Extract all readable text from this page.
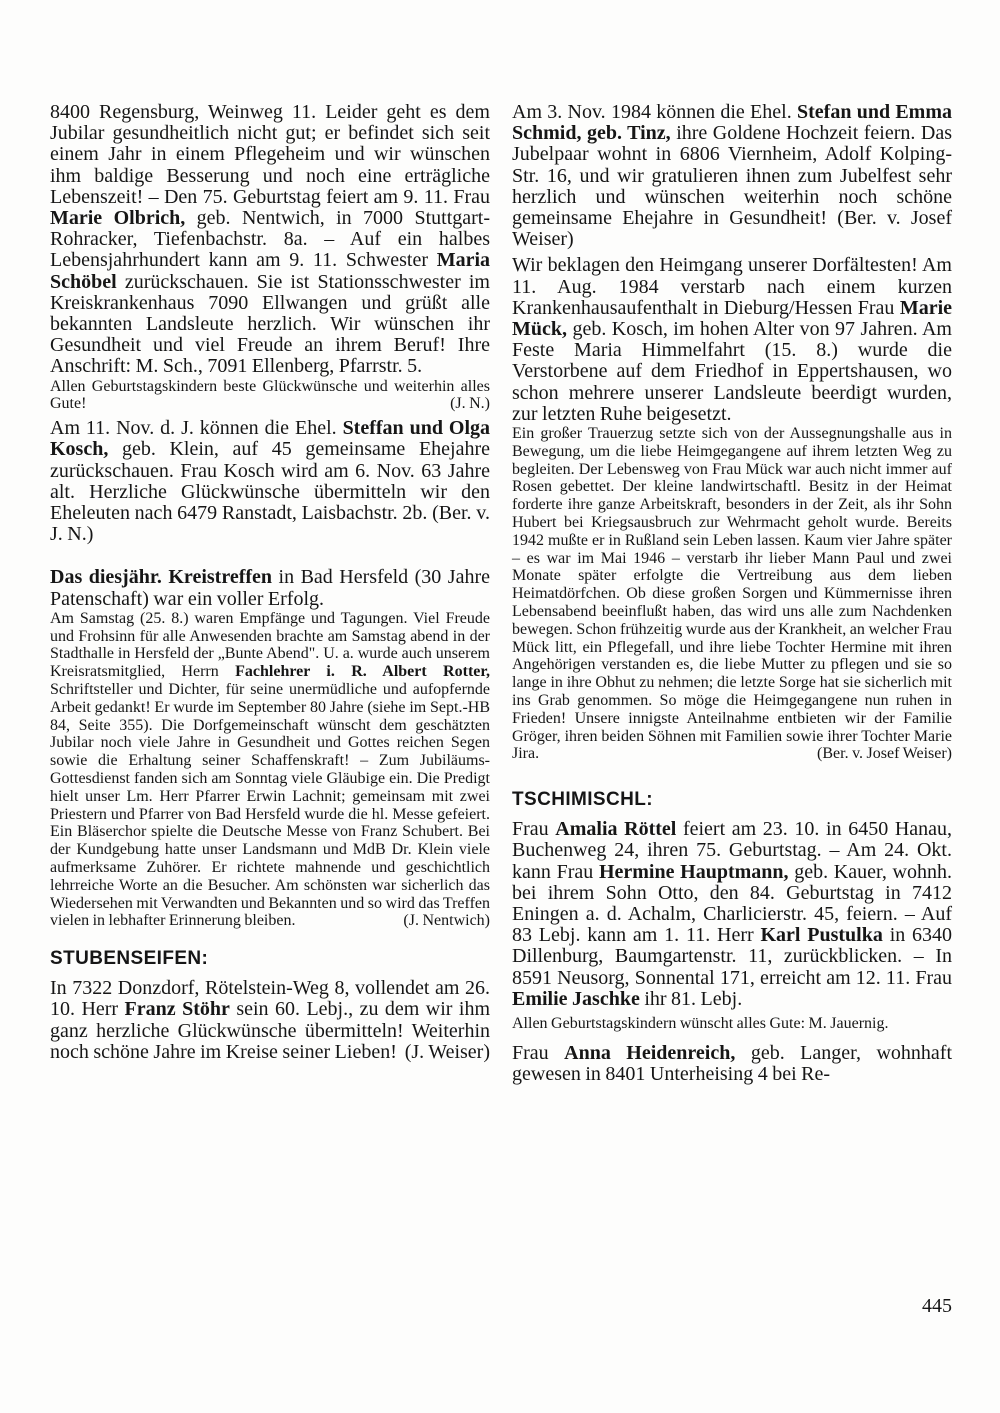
8400 Regensburg, Weinweg 11. Leider geht es dem Jubilar gesundheitlich nicht gut; er befindet sich seit einem Jahr in einem Pflegeheim und wir wünschen ihm baldige Besserung und noch eine erträgliche Lebenszeit! – Den 75. Geburtstag feiert am 9. 11. Frau Marie Olbrich, geb. Nentwich, in 7000 Stuttgart-Rohracker, Tiefenbachstr. 8a. – Auf ein halbes Lebensjahrhundert kann am 9. 11. Schwester Maria Schöbel zurückschauen. Sie ist Stationsschwester im Kreiskrankenhaus 7090 Ellwangen und grüßt alle bekannten Landsleute herzlich. Wir wünschen ihr Gesundheit und viel Freude an ihrem Beruf! Ihre Anschrift: M. Sch., 7091 Ellenberg, Pfarrstr. 5.

Allen Geburtstagskindern beste Glückwünsche und weiterhin alles Gute!	(J. N.)

Am 11. Nov. d. J. können die Ehel. Steffan und Olga Kosch, geb. Klein, auf 45 gemeinsame Ehejahre zurückschauen. Frau Kosch wird am 6. Nov. 63 Jahre alt. Herzliche Glückwünsche übermitteln wir den Eheleuten nach 6479 Ranstadt, Laisbachstr. 2b. (Ber. v. J. N.)

Das diesjähr. Kreistreffen in Bad Hersfeld (30 Jahre Patenschaft) war ein voller Erfolg.

Am Samstag (25. 8.) waren Empfänge und Tagungen. Viel Freude und Frohsinn für alle Anwesenden brachte am Samstag abend in der Stadthalle in Hersfeld der „Bunte Abend". U. a. wurde auch unserem Kreisratsmitglied, Herrn Fachlehrer i. R. Albert Rotter, Schriftsteller und Dichter, für seine unermüdliche und aufopfernde Arbeit gedankt! Er wurde im September 80 Jahre (siehe im Sept.-HB 84, Seite 355). Die Dorfgemeinschaft wünscht dem geschätzten Jubilar noch viele Jahre in Gesundheit und Gottes reichen Segen sowie die Erhaltung seiner Schaffenskraft! – Zum Jubiläums-Gottesdienst fanden sich am Sonntag viele Gläubige ein. Die Predigt hielt unser Lm. Herr Pfarrer Erwin Lachnit; gemeinsam mit zwei Priestern und Pfarrer von Bad Hersfeld wurde die hl. Messe gefeiert. Ein Bläserchor spielte die Deutsche Messe von Franz Schubert. Bei der Kundgebung hatte unser Landsmann und MdB Dr. Klein viele aufmerksame Zuhörer. Er richtete mahnende und geschichtlich lehrreiche Worte an die Besucher. Am schönsten war sicherlich das Wiedersehen mit Verwandten und Bekannten und so wird das Treffen vielen in lebhafter Erinnerung bleiben.	(J. Nentwich)

STUBENSEIFEN:

In 7322 Donzdorf, Rötelstein-Weg 8, vollendet am 26. 10. Herr Franz Stöhr sein 60. Lebj., zu dem wir ihm ganz herzliche Glückwünsche übermitteln! Weiterhin noch schöne Jahre im Kreise seiner Lieben! (J. Weiser)

Am 3. Nov. 1984 können die Ehel. Stefan und Emma Schmid, geb. Tinz, ihre Goldene Hochzeit feiern. Das Jubelpaar wohnt in 6806 Viernheim, Adolf Kolping-Str. 16, und wir gratulieren ihnen zum Jubelfest sehr herzlich und wünschen weiterhin noch schöne gemeinsame Ehejahre in Gesundheit! (Ber. v. Josef Weiser)

Wir beklagen den Heimgang unserer Dorfältesten! Am 11. Aug. 1984 verstarb nach einem kurzen Krankenhausaufenthalt in Dieburg/Hessen Frau Marie Mück, geb. Kosch, im hohen Alter von 97 Jahren. Am Feste Maria Himmelfahrt (15. 8.) wurde die Verstorbene auf dem Friedhof in Eppertshausen, wo schon mehrere unserer Landsleute beerdigt wurden, zur letzten Ruhe beigesetzt.

Ein großer Trauerzug setzte sich von der Aussegnungshalle aus in Bewegung, um die liebe Heimgegangene auf ihrem letzten Weg zu begleiten. Der Lebensweg von Frau Mück war auch nicht immer auf Rosen gebettet. Der kleine landwirtschaftl. Besitz in der Heimat forderte ihre ganze Arbeitskraft, besonders in der Zeit, als ihr Sohn Hubert bei Kriegsausbruch zur Wehrmacht geholt wurde. Bereits 1942 mußte er in Rußland sein Leben lassen. Kaum vier Jahre später – es war im Mai 1946 – verstarb ihr lieber Mann Paul und zwei Monate später erfolgte die Vertreibung aus dem lieben Heimatdörfchen. Ob diese großen Sorgen und Kümmernisse ihren Lebensabend beeinflußt haben, das wird uns alle zum Nachdenken bewegen. Schon frühzeitig wurde aus der Krankheit, an welcher Frau Mück litt, ein Pflegefall, und ihre liebe Tochter Hermine mit ihren Angehörigen verstanden es, die liebe Mutter zu pflegen und sie so lange in ihre Obhut zu nehmen; die letzte Sorge hat sie sicherlich mit ins Grab genommen. So möge die Heimgegangene nun ruhen in Frieden! Unsere innigste Anteilnahme entbieten wir der Familie Gröger, ihren beiden Söhnen mit Familien sowie ihrer Tochter Marie Jira.	(Ber. v. Josef Weiser)

TSCHIMISCHL:

Frau Amalia Röttel feiert am 23. 10. in 6450 Hanau, Buchenweg 24, ihren 75. Geburtstag. – Am 24. Okt. kann Frau Hermine Hauptmann, geb. Kauer, wohnh. bei ihrem Sohn Otto, den 84. Geburtstag in 7412 Eningen a. d. Achalm, Charlicierstr. 45, feiern. – Auf 83 Lebj. kann am 1. 11. Herr Karl Pustulka in 6340 Dillenburg, Baumgartenstr. 11, zurückblicken. – In 8591 Neusorg, Sonnental 171, erreicht am 12. 11. Frau Emilie Jaschke ihr 81. Lebj.

Allen Geburtstagskindern wünscht alles Gute: M. Jauernig.

Frau Anna Heidenreich, geb. Langer, wohnhaft gewesen in 8401 Unterheising 4 bei Re-

445
